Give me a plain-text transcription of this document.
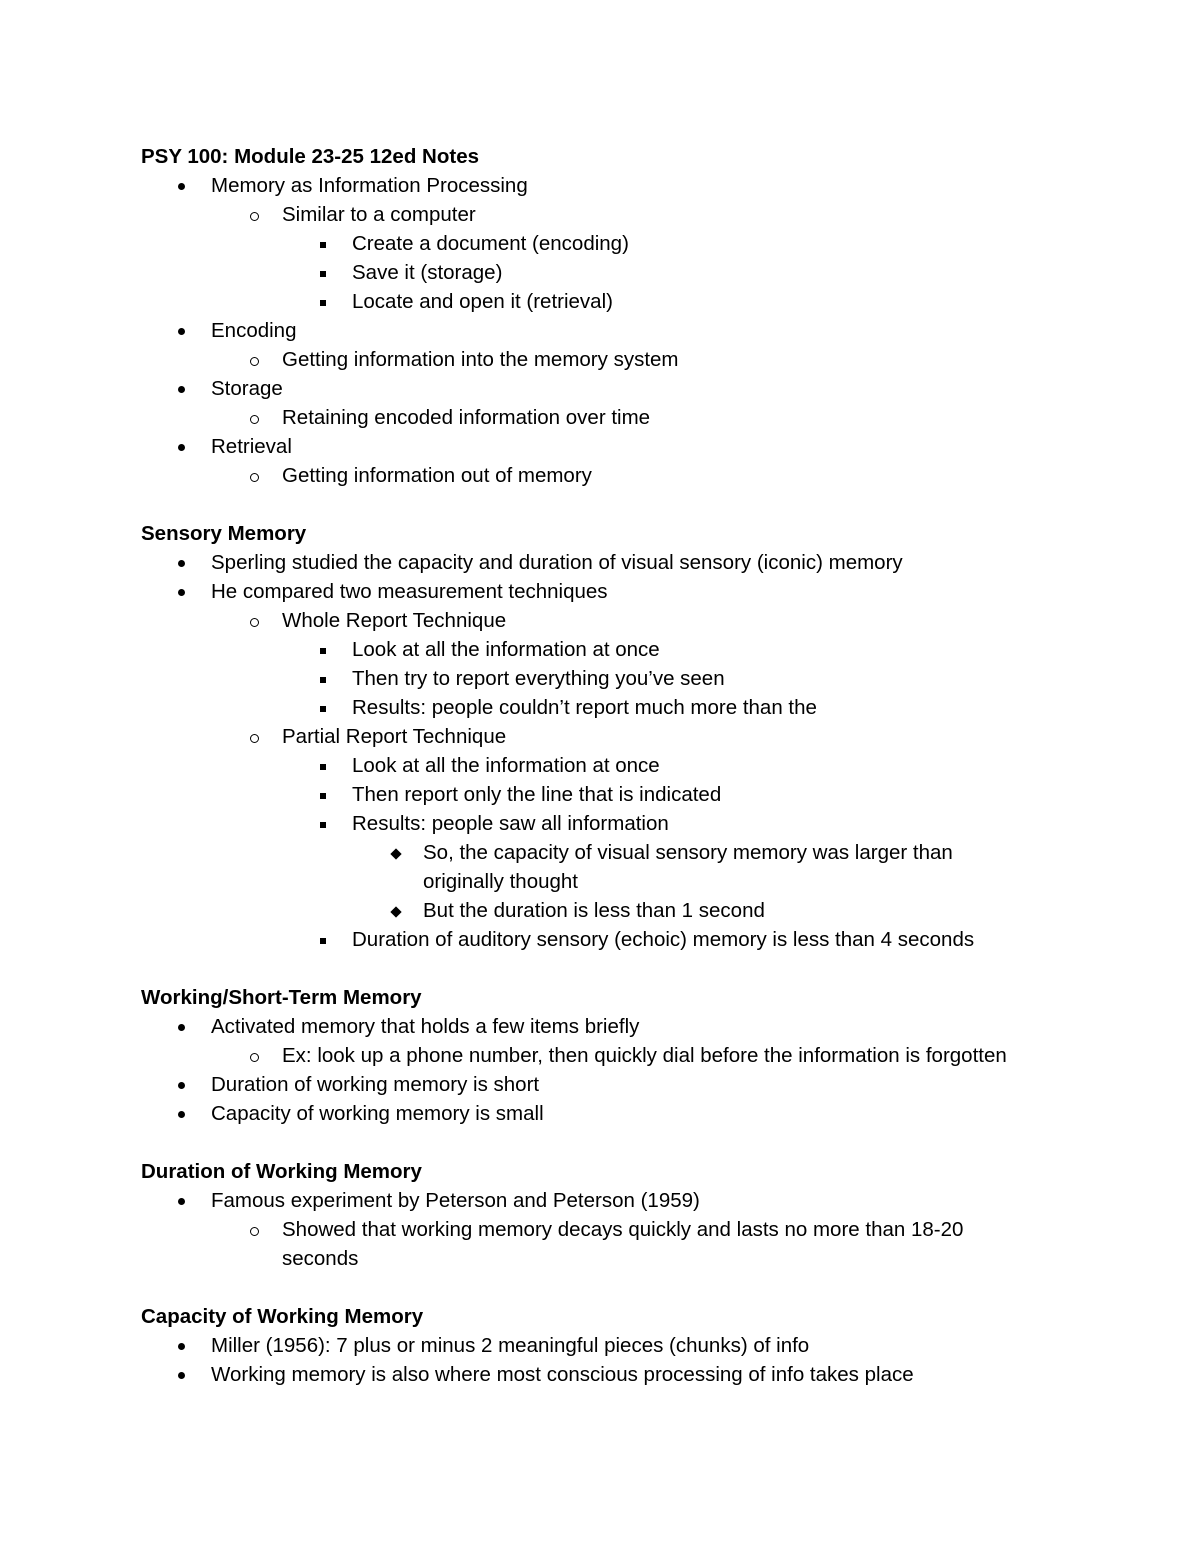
PSY 100: Module 23-25 12ed Notes
Memory as Information Processing
Similar to a computer
Create a document (encoding)
Save it (storage)
Locate and open it (retrieval)
Encoding
Getting information into the memory system
Storage
Retaining encoded information over time
Retrieval
Getting information out of memory
Sensory Memory
Sperling studied the capacity and duration of visual sensory (iconic) memory
He compared two measurement techniques
Whole Report Technique
Look at all the information at once
Then try to report everything you’ve seen
Results: people couldn’t report much more than the
Partial Report Technique
Look at all the information at once
Then report only the line that is indicated
Results: people saw all information
So, the capacity of visual sensory memory was larger than
originally thought
But the duration is less than 1 second
Duration of auditory sensory (echoic) memory is less than 4 seconds
Working/Short-Term Memory
Activated memory that holds a few items briefly
Ex: look up a phone number, then quickly dial before the information is forgotten
Duration of working memory is short
Capacity of working memory is small
Duration of Working Memory
Famous experiment by Peterson and Peterson (1959)
Showed that working memory decays quickly and lasts no more than 18-20
seconds
Capacity of Working Memory
Miller (1956): 7 plus or minus 2 meaningful pieces (chunks) of info
Working memory is also where most conscious processing of info takes place
